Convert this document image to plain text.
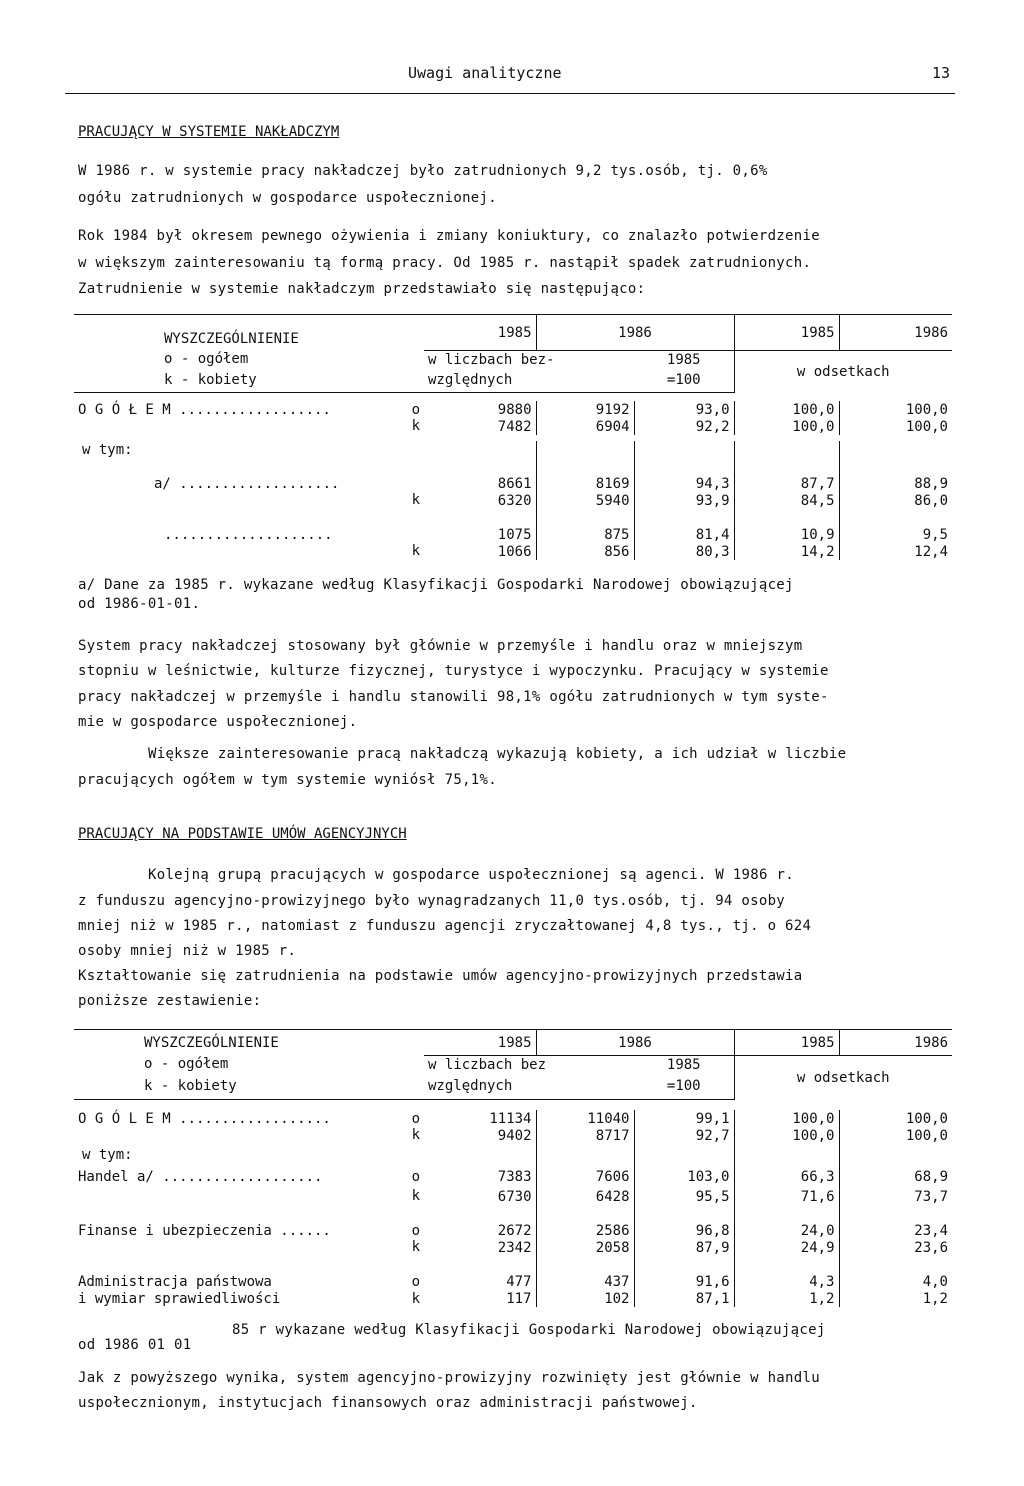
Uwagi analityczne	13
PRACUJĄCY W SYSTEMIE NAKŁADCZYM

W 1986 r. w systemie pracy nakładczej było zatrudnionych 9,2 tys.osób, tj. 0,6%

ogółu zatrudnionych w gospodarce uspołecznionej.

Rok 1984 był okresem pewnego ożywienia i zmiany koniuktury, co znalazło potwierdzenie

w większym zainteresowaniu tą formą pracy. Od 1985 r. nastąpił spadek zatrudnionych.

Zatrudnienie w systemie nakładczym przedstawiało się następująco:

WYSZCZEGÓLNIENIE	1985	1986		1985	1986
o - ogółem	w liczbach bez-		1985	w odsetkach	
k - kobiety	względnych		=100		

O G Ó Ł E M .................. o	9880	9192	93,0	100,0	100,0

k	7482	6904	92,2	100,0	100,0

w tym:					

a/ ...................	8661	8169	94,3	87,7	88,9

k	6320	5940	93,9	84,5	86,0

....................	1075	875	81,4	10,9	9,5

k	1066	856	80,3	14,2	12,4

a/ Dane za 1985 r. wykazane według Klasyfikacji Gospodarki Narodowej obowiązującej

od 1986-01-01.

System pracy nakładczej stosowany był głównie w przemyśle i handlu oraz w mniejszym

stopniu w leśnictwie, kulturze fizycznej, turystyce i wypoczynku. Pracujący w systemie

pracy nakładczej w przemyśle i handlu stanowili 98,1% ogółu zatrudnionych w tym syste-

mie w gospodarce uspołecznionej.

Większe zainteresowanie pracą nakładczą wykazują kobiety, a ich udział w liczbie

pracujących ogółem w tym systemie wyniósł 75,1%.

PRACUJĄCY NA PODSTAWIE UMÓW AGENCYJNYCH

Kolejną grupą pracujących w gospodarce uspołecznionej są agenci. W 1986 r.

z funduszu agencyjno-prowizyjnego było wynagradzanych 11,0 tys.osób, tj. 94 osoby

mniej niż w 1985 r., natomiast z funduszu agencji zryczałtowanej 4,8 tys., tj. o 624

osoby mniej niż w 1985 r.

Kształtowanie się zatrudnienia na podstawie umów agencyjno-prowizyjnych przedstawia

poniższe zestawienie:

WYSZCZEGÓLNIENIE	1985	1986		1985	1986
o - ogółem	w liczbach bez		1985	w odsetkach	
k - kobiety	względnych		=100		

O G Ó L E M .................. o	11134	11040	99,1	100,0	100,0

k	9402	8717	92,7	100,0	100,0
w tym:					
Handel a/ ................... o	7383	7606	103,0	66,3	68,9

k	6730	6428	95,5	71,6	73,7

Finanse i ubezpieczenia ...... o	2672	2586	96,8	24,0	23,4

k	2342	2058	87,9	24,9	23,6

Administracja państwowa o	477	437	91,6	4,3	4,0
i wymiar sprawiedliwości k	117	102	87,1	1,2	1,2

85 r wykazane według Klasyfikacji Gospodarki Narodowej obowiązującej

od 1986 01 01

Jak z powyższego wynika, system agencyjno-prowizyjny rozwinięty jest głównie w handlu

uspołecznionym, instytucjach finansowych oraz administracji państwowej.
